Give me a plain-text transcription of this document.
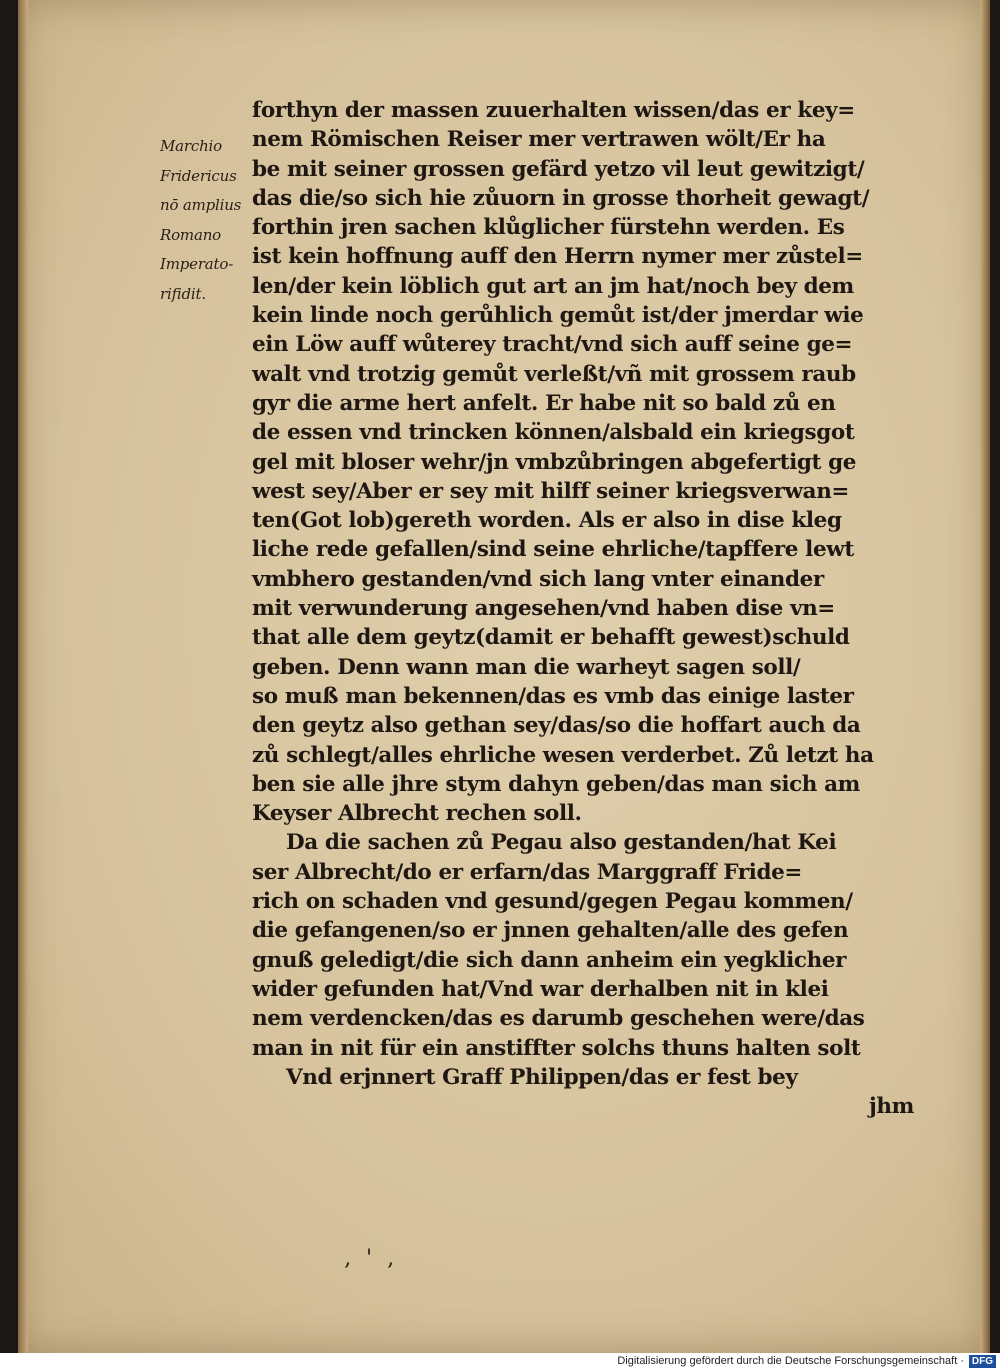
Marchio
Fridericus
nō amplius
Romano
Imperato-
rifidit.
forthyn der massen zuuerhalten wissen/das er key=
nem Römischen Reiser mer vertrawen wölt/Er ha
be mit seiner grossen gefärd yetzo vil leut gewitzigt/
das die/so sich hie zůuorn in grosse thorheit gewagt/
forthin jren sachen klůglicher fürstehn werden. Es
ist kein hoffnung auff den Herrn nymer mer zůstel=
len/der kein löblich gut art an jm hat/noch bey dem
kein linde noch gerůhlich gemůt ist/der jmerdar wie
ein Löw auff wůterey tracht/vnd sich auff seine ge=
walt vnd trotzig gemůt verleßt/vñ mit grossem raub
gyr die arme hert anfelt. Er habe nit so bald zů en
de essen vnd trincken können/alsbald ein kriegsgot
gel mit bloser wehr/jn vmbzůbringen abgefertigt ge
west sey/Aber er sey mit hilff seiner kriegsverwan=
ten(Got lob)gereth worden. Als er also in dise kleg
liche rede gefallen/sind seine ehrliche/tapffere lewt
vmbhero gestanden/vnd sich lang vnter einander
mit verwunderung angesehen/vnd haben dise vn=
that alle dem geytz(damit er behafft gewest)schuld
geben. Denn wann man die warheyt sagen soll/
so muß man bekennen/das es vmb das einige laster
den geytz also gethan sey/das/so die hoffart auch da
zů schlegt/alles ehrliche wesen verderbet. Zů letzt ha
ben sie alle jhre stym dahyn geben/das man sich am
Keyser Albrecht rechen soll.
Da die sachen zů Pegau also gestanden/hat Kei
ser Albrecht/do er erfarn/das Marggraff Fride=
rich on schaden vnd gesund/gegen Pegau kommen/
die gefangenen/so er jnnen gehalten/alle des gefen
gnuß geledigt/die sich dann anheim ein yegklicher
wider gefunden hat/Vnd war derhalben nit in klei
nem verdencken/das es darumb geschehen were/das
man in nit für ein anstiffter solchs thuns halten solt
Vnd erjnnert Graff Philippen/das er fest bey
jhm
‚ ' ‚
Digitalisierung gefördert durch die Deutsche Forschungsgemeinschaft · DFG
